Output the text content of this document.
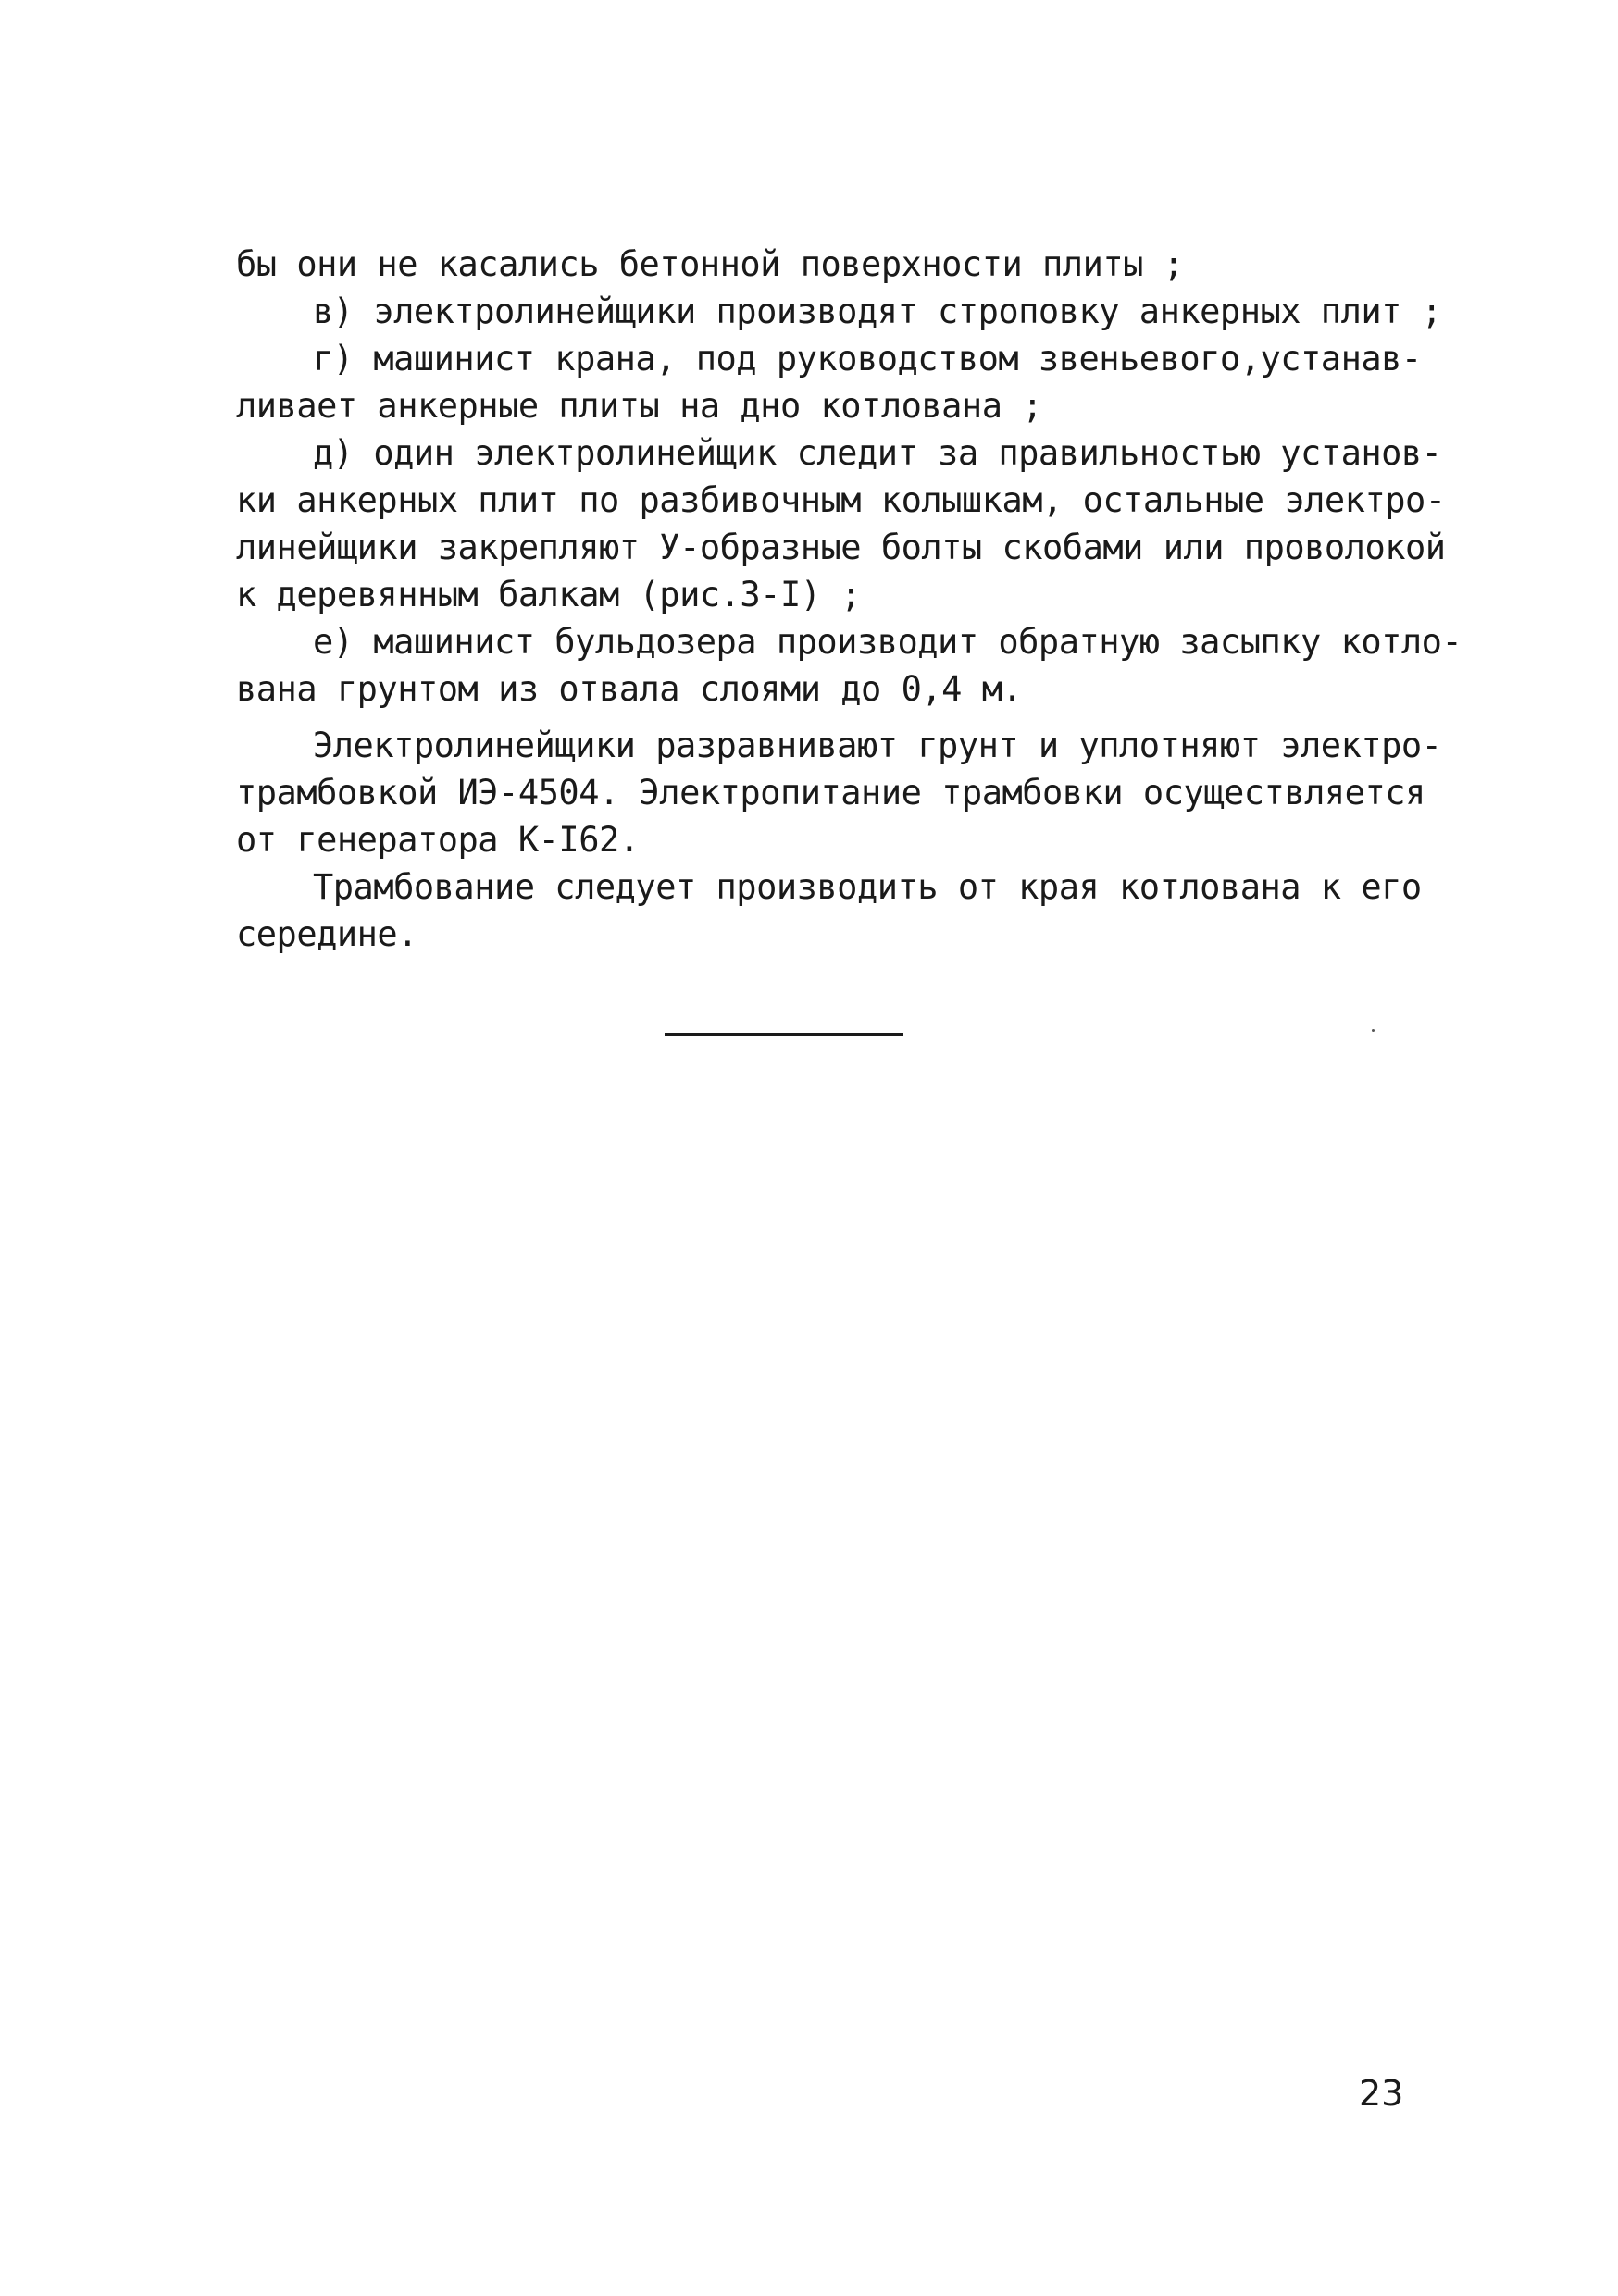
бы они не касались бетонной поверхности плиты ;
в) электролинейщики производят строповку анкерных плит ;
г) машинист крана, под руководством звеньевого,устанав-
ливает анкерные плиты на дно котлована ;
д) один электролинейщик следит за правильностью установ-
ки анкерных плит по разбивочным колышкам, остальные электро-
линейщики закрепляют У-образные болты скобами или проволокой
к деревянным балкам (рис.3-I) ;
е) машинист бульдозера производит обратную засыпку котло-
вана грунтом из отвала слоями до 0,4 м.
Электролинейщики разравнивают грунт и уплотняют электро-
трамбовкой ИЭ-4504. Электропитание трамбовки осуществляется
от генератора К-I62.
Трамбование следует производить от края котлована к его
середине.
23
